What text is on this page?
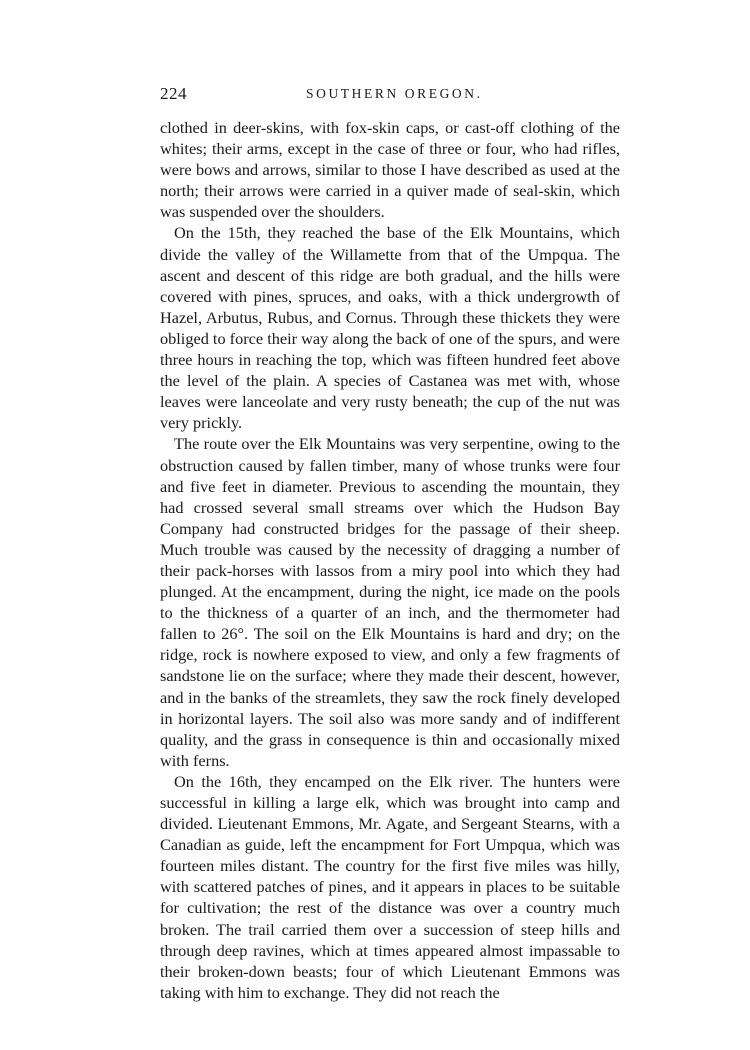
224	SOUTHERN OREGON.

clothed in deer-skins, with fox-skin caps, or cast-off clothing of the whites; their arms, except in the case of three or four, who had rifles, were bows and arrows, similar to those I have described as used at the north; their arrows were carried in a quiver made of seal-skin, which was suspended over the shoulders.

On the 15th, they reached the base of the Elk Mountains, which divide the valley of the Willamette from that of the Umpqua. The ascent and descent of this ridge are both gradual, and the hills were covered with pines, spruces, and oaks, with a thick undergrowth of Hazel, Arbutus, Rubus, and Cornus. Through these thickets they were obliged to force their way along the back of one of the spurs, and were three hours in reaching the top, which was fifteen hundred feet above the level of the plain. A species of Castanea was met with, whose leaves were lanceolate and very rusty beneath; the cup of the nut was very prickly.

The route over the Elk Mountains was very serpentine, owing to the obstruction caused by fallen timber, many of whose trunks were four and five feet in diameter. Previous to ascending the mountain, they had crossed several small streams over which the Hudson Bay Company had constructed bridges for the passage of their sheep. Much trouble was caused by the necessity of dragging a number of their pack-horses with lassos from a miry pool into which they had plunged. At the encampment, during the night, ice made on the pools to the thickness of a quarter of an inch, and the thermometer had fallen to 26°. The soil on the Elk Mountains is hard and dry; on the ridge, rock is nowhere exposed to view, and only a few fragments of sandstone lie on the surface; where they made their descent, however, and in the banks of the streamlets, they saw the rock finely developed in horizontal layers. The soil also was more sandy and of indifferent quality, and the grass in consequence is thin and occasionally mixed with ferns.

On the 16th, they encamped on the Elk river. The hunters were successful in killing a large elk, which was brought into camp and divided. Lieutenant Emmons, Mr. Agate, and Sergeant Stearns, with a Canadian as guide, left the encampment for Fort Umpqua, which was fourteen miles distant. The country for the first five miles was hilly, with scattered patches of pines, and it appears in places to be suitable for cultivation; the rest of the distance was over a country much broken. The trail carried them over a succession of steep hills and through deep ravines, which at times appeared almost impassable to their broken-down beasts; four of which Lieutenant Emmons was taking with him to exchange. They did not reach the
